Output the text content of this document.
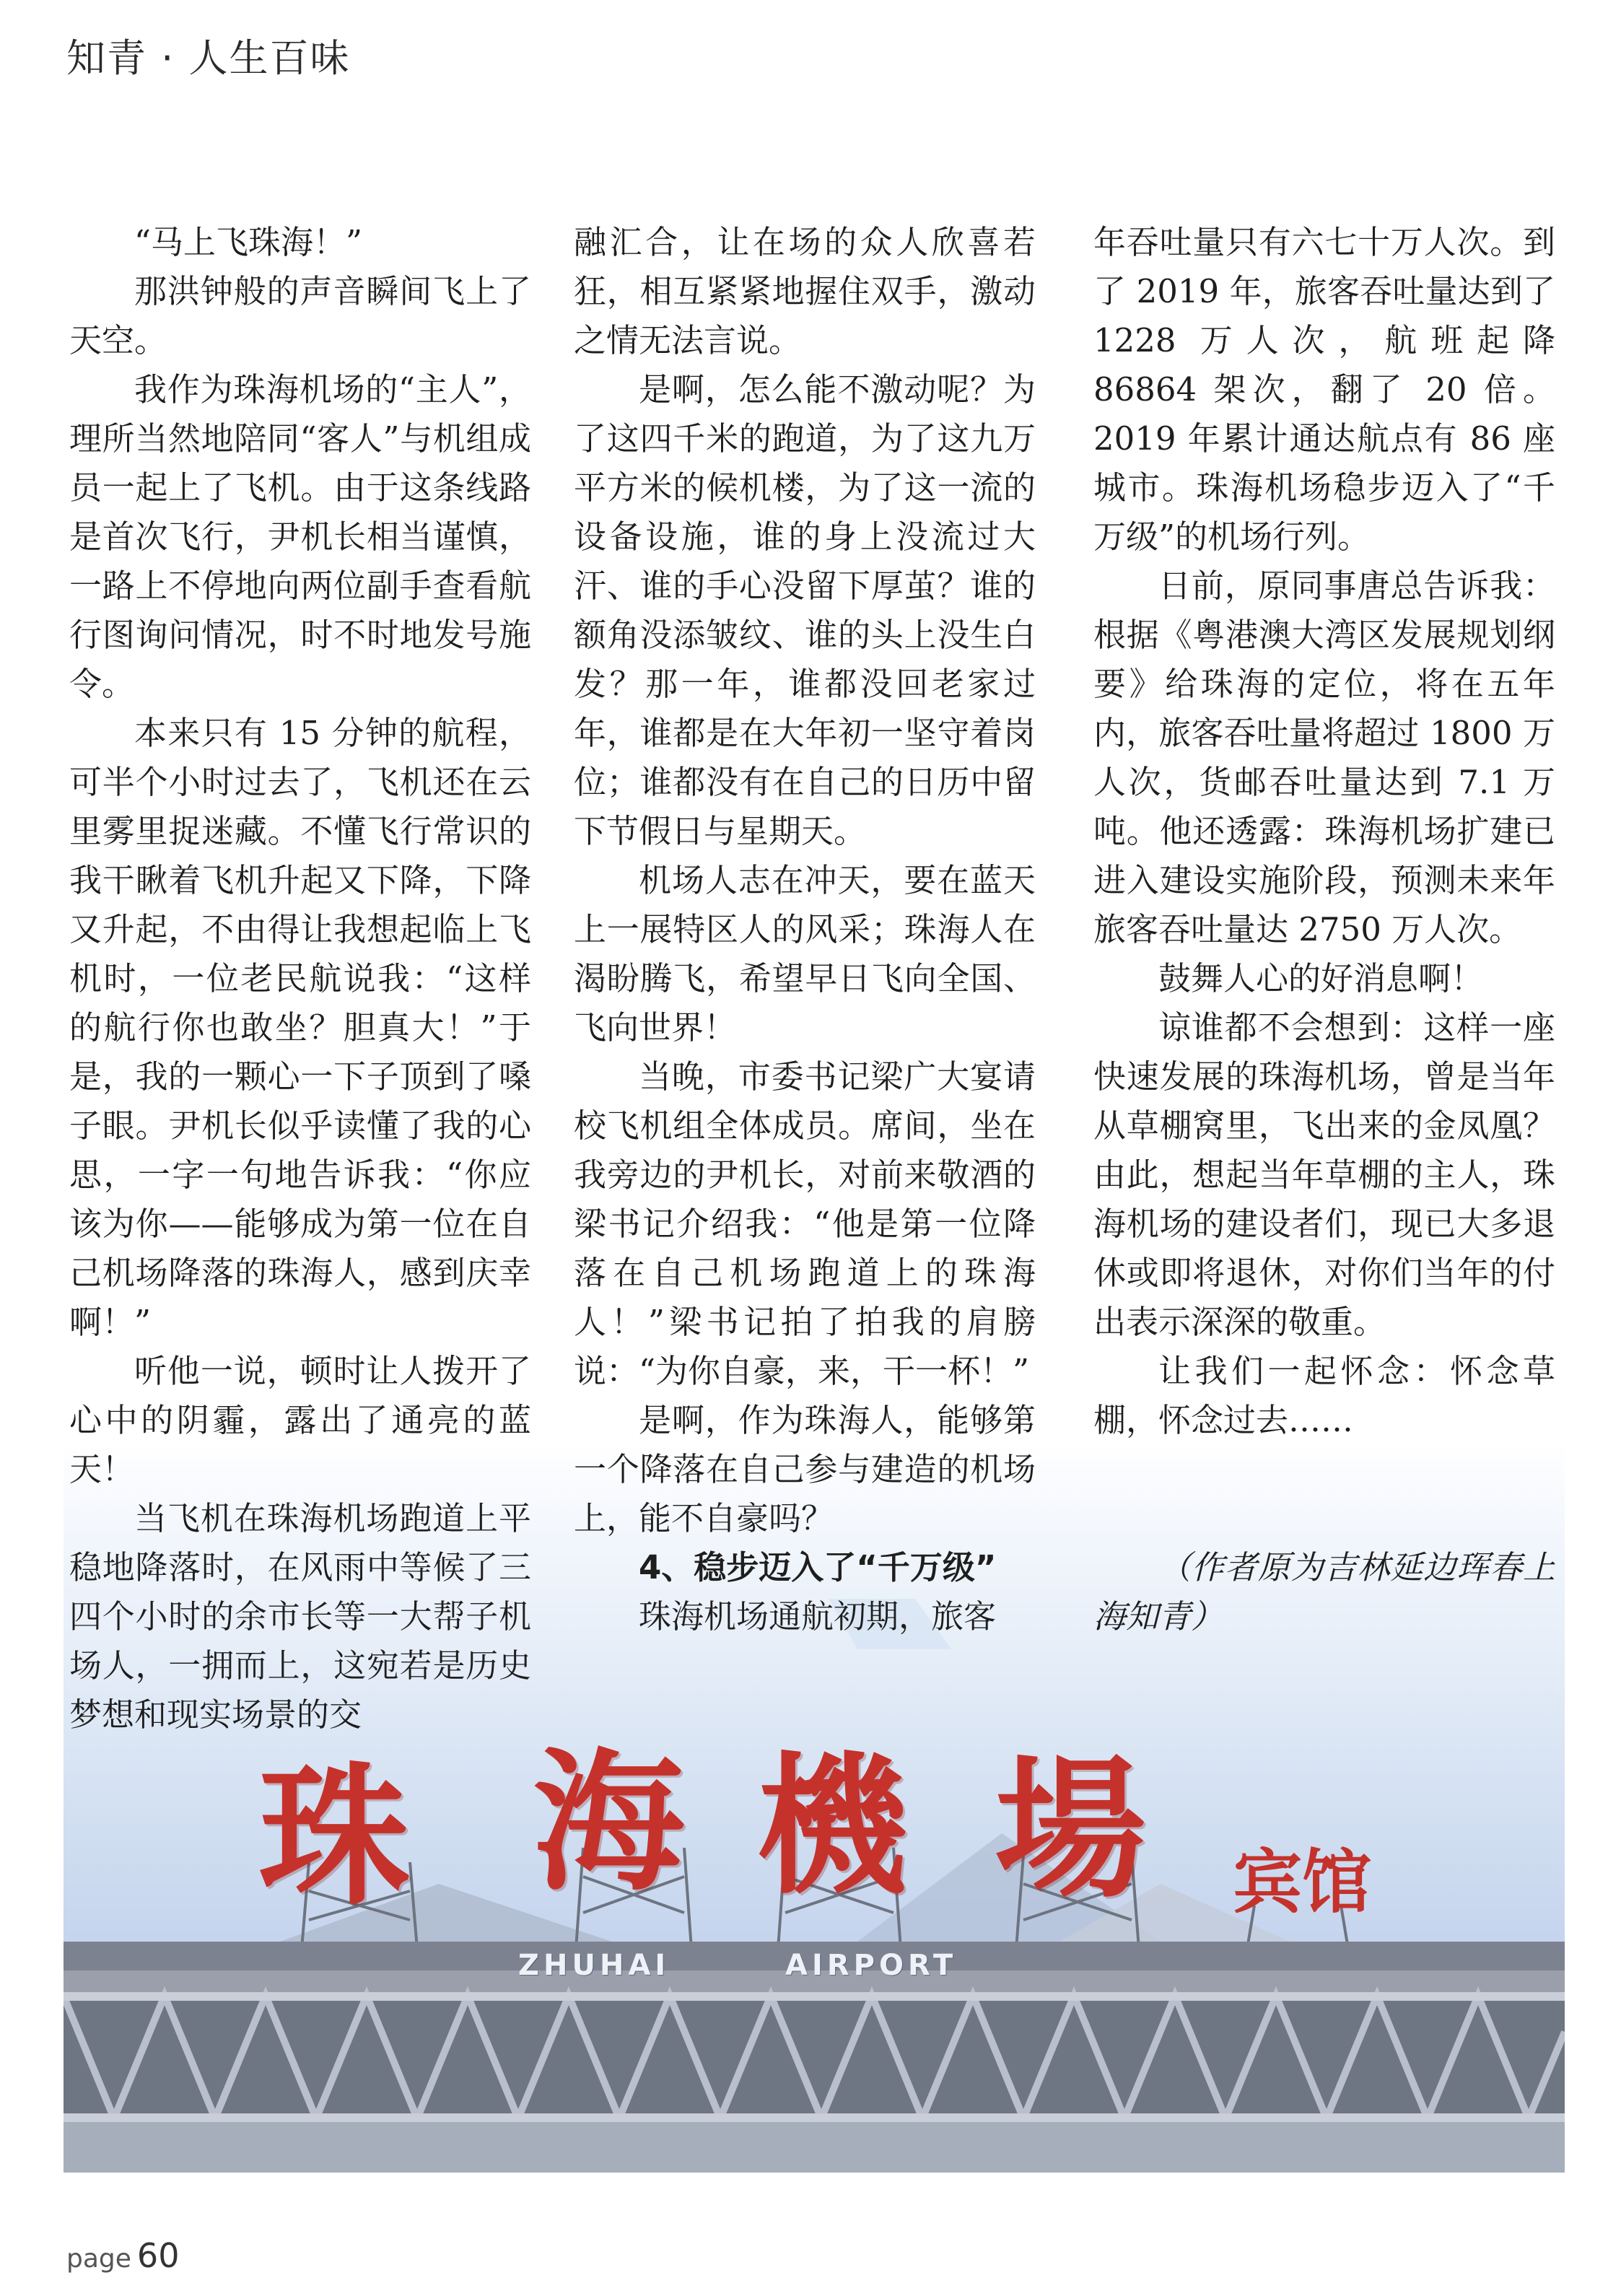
知青 · 人生百味
珠 海 機 場 宾馆
ZHUHAI	AIRPORT

　　“马上飞珠海！”

那洪钟般的声音瞬间飞上了天空。

我作为珠海机场的“主人”，理所当然地陪同“客人”与机组成员一起上了飞机。由于这条线路是首次飞行，尹机长相当谨慎，一路上不停地向两位副手查看航行图询问情况，时不时地发号施令。

本来只有 15 分钟的航程，可半个小时过去了，飞机还在云里雾里捉迷藏。不懂飞行常识的我干瞅着飞机升起又下降，下降又升起，不由得让我想起临上飞机时，一位老民航说我：“这样的航行你也敢坐？胆真大！”于是，我的一颗心一下子顶到了嗓子眼。尹机长似乎读懂了我的心思，一字一句地告诉我：“你应该为你——能够成为第一位在自己机场降落的珠海人，感到庆幸啊！”

听他一说，顿时让人拨开了心中的阴霾，露出了通亮的蓝天！

当飞机在珠海机场跑道上平稳地降落时，在风雨中等候了三四个小时的余市长等一大帮子机场人，一拥而上，这宛若是历史梦想和现实场景的交

融汇合，让在场的众人欣喜若狂，相互紧紧地握住双手，激动之情无法言说。

是啊，怎么能不激动呢？为了这四千米的跑道，为了这九万平方米的候机楼，为了这一流的设备设施，谁的身上没流过大汗、谁的手心没留下厚茧？谁的额角没添皱纹、谁的头上没生白发？那一年，谁都没回老家过年，谁都是在大年初一坚守着岗位；谁都没有在自己的日历中留下节假日与星期天。

机场人志在冲天，要在蓝天上一展特区人的风采；珠海人在渴盼腾飞，希望早日飞向全国、飞向世界！

当晚，市委书记梁广大宴请校飞机组全体成员。席间，坐在我旁边的尹机长，对前来敬酒的梁书记介绍我：“他是第一位降落在自己机场跑道上的珠海人！”梁书记拍了拍我的肩膀说：“为你自豪，来，干一杯！”

是啊，作为珠海人，能够第一个降落在自己参与建造的机场上，能不自豪吗？

4、稳步迈入了“千万级”

珠海机场通航初期，旅客

年吞吐量只有六七十万人次。到了 2019 年，旅客吞吐量达到了 1228 万人次，航班起降 86864 架次，翻了 20 倍。2019 年累计通达航点有 86 座城市。珠海机场稳步迈入了“千万级”的机场行列。

日前，原同事唐总告诉我：根据《粤港澳大湾区发展规划纲要》给珠海的定位，将在五年内，旅客吞吐量将超过 1800 万人次，货邮吞吐量达到 7.1 万吨。他还透露：珠海机场扩建已进入建设实施阶段，预测未来年旅客吞吐量达 2750 万人次。

鼓舞人心的好消息啊！

谅谁都不会想到：这样一座快速发展的珠海机场，曾是当年从草棚窝里，飞出来的金凤凰？由此，想起当年草棚的主人，珠海机场的建设者们，现已大多退休或即将退休，对你们当年的付出表示深深的敬重。

让我们一起怀念：怀念草棚，怀念过去……

（作者原为吉林延边珲春上海知青）

page 60
